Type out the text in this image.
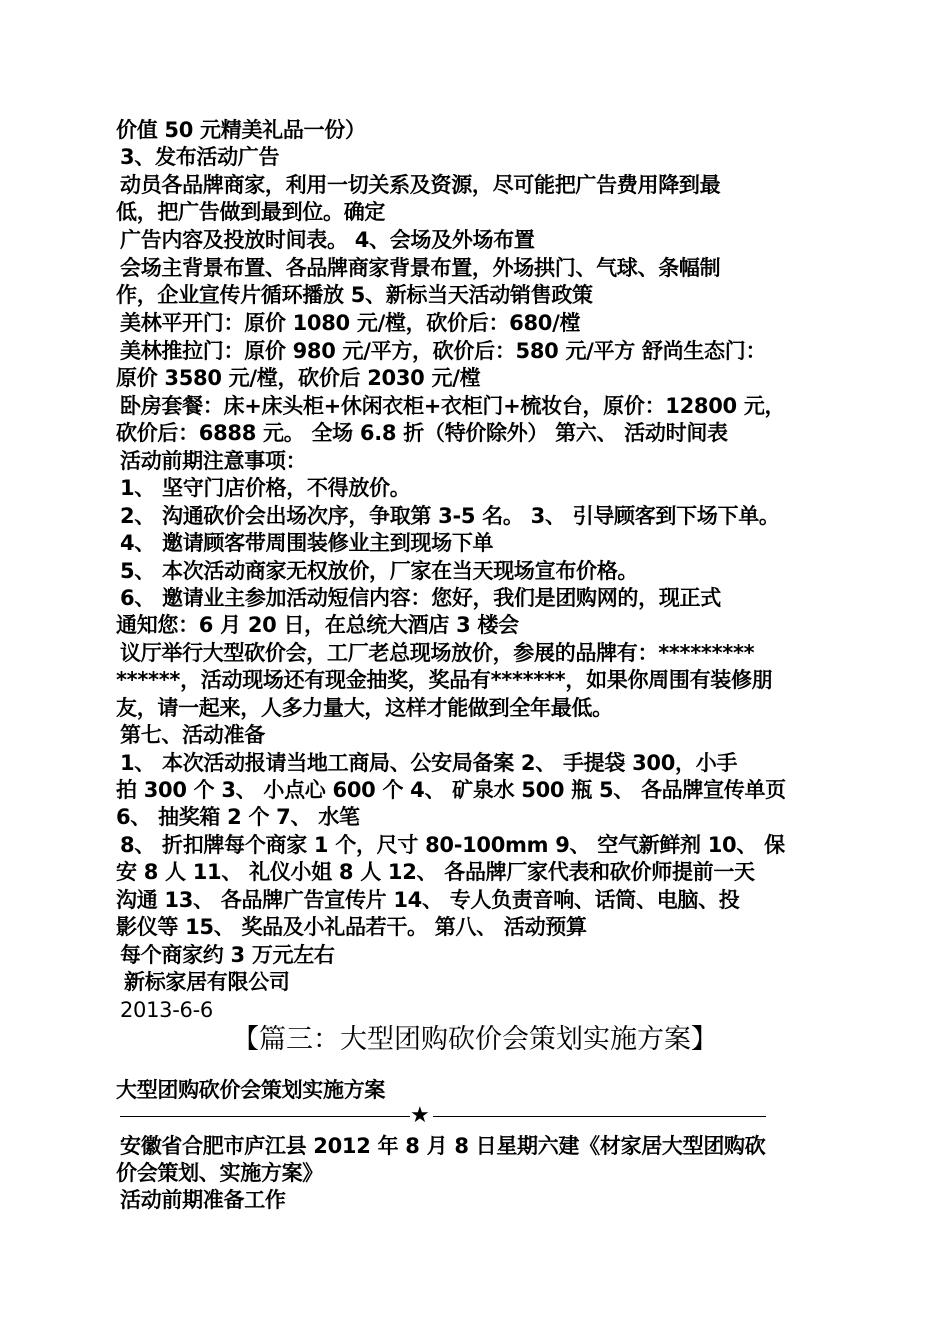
价值 50 元精美礼品一份）
3、发布活动广告
动员各品牌商家，利用一切关系及资源，尽可能把广告费用降到最
低，把广告做到最到位。确定
广告内容及投放时间表。 4、会场及外场布置
会场主背景布置、各品牌商家背景布置，外场拱门、气球、条幅制
作，企业宣传片循环播放 5、新标当天活动销售政策
美林平开门：原价 1080 元/樘，砍价后：680/樘
美林推拉门：原价 980 元/平方，砍价后：580 元/平方 舒尚生态门：
原价 3580 元/樘，砍价后 2030 元/樘
卧房套餐：床+床头柜+休闲衣柜+衣柜门+梳妆台，原价：12800 元，
砍价后：6888 元。 全场 6.8 折（特价除外） 第六、 活动时间表
活动前期注意事项：
1、 坚守门店价格，不得放价。
2、 沟通砍价会出场次序，争取第 3-5 名。 3、 引导顾客到下场下单。
4、 邀请顾客带周围装修业主到现场下单
5、 本次活动商家无权放价，厂家在当天现场宣布价格。
6、 邀请业主参加活动短信内容：您好，我们是团购网的，现正式
通知您：6 月 20 日，在总统大酒店 3 楼会
议厅举行大型砍价会，工厂老总现场放价，参展的品牌有：*********
******，活动现场还有现金抽奖，奖品有*******，如果你周围有装修朋
友，请一起来，人多力量大，这样才能做到全年最低。
第七、活动准备
1、 本次活动报请当地工商局、公安局备案 2、 手提袋 300，小手
拍 300 个 3、 小点心 600 个 4、 矿泉水 500 瓶 5、 各品牌宣传单页
6、 抽奖箱 2 个 7、 水笔
8、 折扣牌每个商家 1 个，尺寸 80-100mm 9、 空气新鲜剂 10、 保
安 8 人 11、 礼仪小姐 8 人 12、 各品牌厂家代表和砍价师提前一天
沟通 13、 各品牌广告宣传片 14、 专人负责音响、话筒、电脑、投
影仪等 15、 奖品及小礼品若干。 第八、 活动预算
每个商家约 3 万元左右
新标家居有限公司
2013-6-6
【篇三：大型团购砍价会策划实施方案】
大型团购砍价会策划实施方案
★
安徽省合肥市庐江县 2012 年 8 月 8 日星期六建《材家居大型团购砍
价会策划、实施方案》
活动前期准备工作
